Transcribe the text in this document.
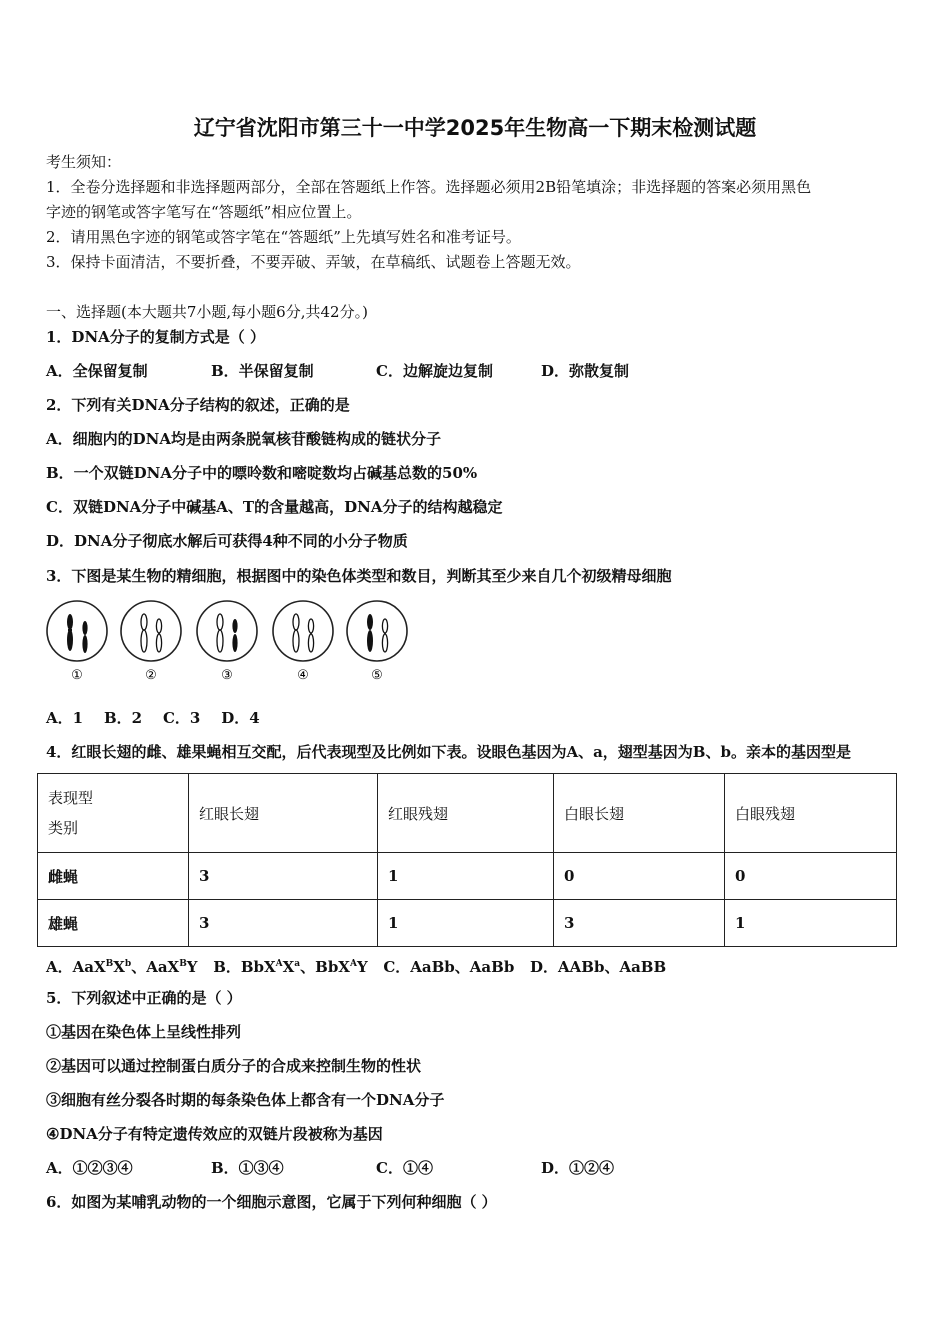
辽宁省沈阳市第三十一中学2025年生物高一下期末检测试题
考生须知：
1．全卷分选择题和非选择题两部分，全部在答题纸上作答。选择题必须用2B铅笔填涂；非选择题的答案必须用黑色
字迹的钢笔或答字笔写在“答题纸”相应位置上。
2．请用黑色字迹的钢笔或答字笔在“答题纸”上先填写姓名和准考证号。
3．保持卡面清洁，不要折叠，不要弄破、弄皱，在草稿纸、试题卷上答题无效。
一、选择题(本大题共7小题,每小题6分,共42分。)
1．DNA分子的复制方式是（ ）
A．全保留复制	B．半保留复制	C．边解旋边复制	D．弥散复制
2．下列有关DNA分子结构的叙述，正确的是
A．细胞内的DNA均是由两条脱氧核苷酸链构成的链状分子
B．一个双链DNA分子中的嘌呤数和嘧啶数均占碱基总数的50%
C．双链DNA分子中碱基A、T的含量越高，DNA分子的结构越稳定
D．DNA分子彻底水解后可获得4种不同的小分子物质
3．下图是某生物的精细胞，根据图中的染色体类型和数目，判断其至少来自几个初级精母细胞
①	②	③	④	⑤
A．1    B．2    C．3    D．4
4．红眼长翅的雌、雄果蝇相互交配，后代表现型及比例如下表。设眼色基因为A、a，翅型基因为B、b。亲本的基因型是
表现型
类别	红眼长翅	红眼残翅	白眼长翅	白眼残翅
雌蝇	3	1	0	0
雄蝇	3	1	3	1
A．$AaX^BX^b$、AaX$^B$Y B．$BbX^AX^a$、BbX$^A$Y C．AaBb、AaBb D．AABb、AaBB
5．下列叙述中正确的是（ ）
①基因在染色体上呈线性排列
②基因可以通过控制蛋白质分子的合成来控制生物的性状
③细胞有丝分裂各时期的每条染色体上都含有一个DNA分子
④DNA分子有特定遗传效应的双链片段被称为基因
A．①②③④	B．①③④	C．①④	D．①②④
6．如图为某哺乳动物的一个细胞示意图，它属于下列何种细胞（ ）
